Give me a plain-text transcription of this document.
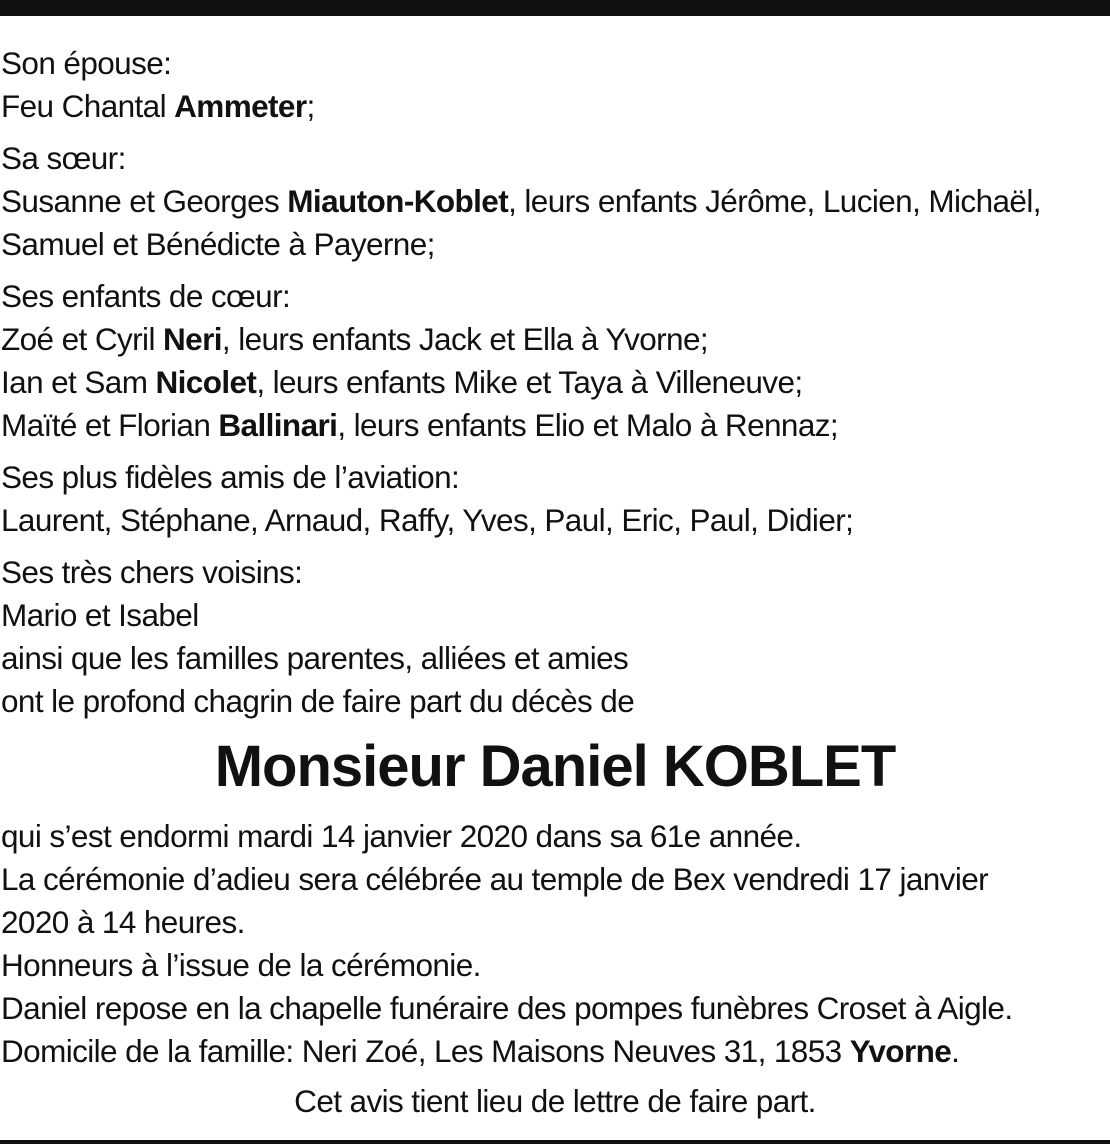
Son épouse:
Feu Chantal Ammeter;

Sa sœur:
Susanne et Georges Miauton-Koblet, leurs enfants Jérôme, Lucien, Michaël,
Samuel et Bénédicte à Payerne;

Ses enfants de cœur:
Zoé et Cyril Neri, leurs enfants Jack et Ella à Yvorne;
Ian et Sam Nicolet, leurs enfants Mike et Taya à Villeneuve;
Maïté et Florian Ballinari, leurs enfants Elio et Malo à Rennaz;

Ses plus fidèles amis de l’aviation:
Laurent, Stéphane, Arnaud, Raffy, Yves, Paul, Eric, Paul, Didier;

Ses très chers voisins:
Mario et Isabel
ainsi que les familles parentes, alliées et amies
ont le profond chagrin de faire part du décès de

Monsieur Daniel KOBLET
qui s’est endormi mardi 14 janvier 2020 dans sa 61e année.
La cérémonie d’adieu sera célébrée au temple de Bex vendredi 17 janvier
2020 à 14 heures.
Honneurs à l’issue de la cérémonie.
Daniel repose en la chapelle funéraire des pompes funèbres Croset à Aigle.
Domicile de la famille: Neri Zoé, Les Maisons Neuves 31, 1853 Yvorne.
Cet avis tient lieu de lettre de faire part.
